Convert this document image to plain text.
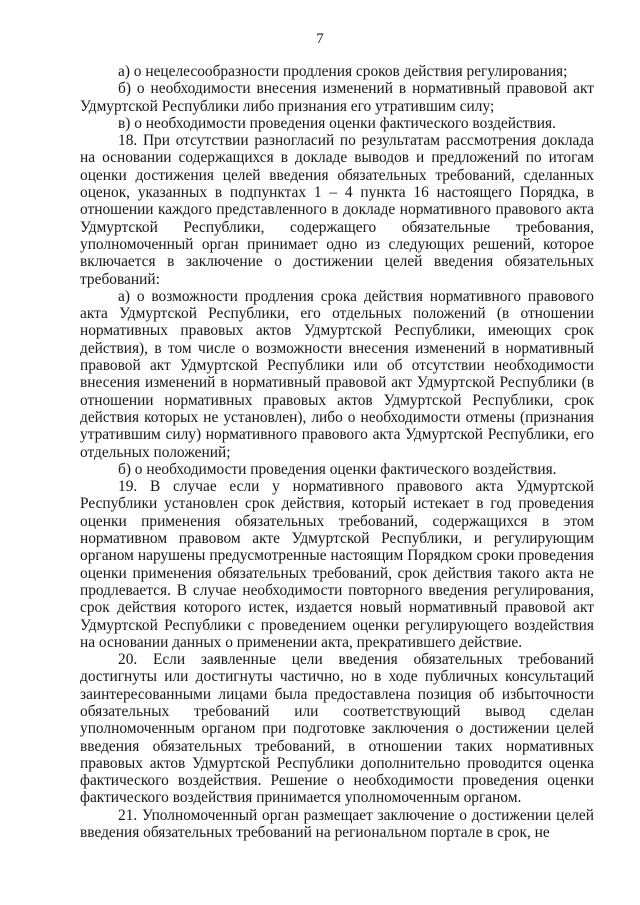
7

а) о нецелесообразности продления сроков действия регулирования;

б) о необходимости внесения изменений в нормативный правовой акт Удмуртской Республики либо признания его утратившим силу;

в) о необходимости проведения оценки фактического воздействия.

18. При отсутствии разногласий по результатам рассмотрения доклада на основании содержащихся в докладе выводов и предложений по итогам оценки достижения целей введения обязательных требований, сделанных оценок, указанных в подпунктах 1 – 4 пункта 16 настоящего Порядка, в отношении каждого представленного в докладе нормативного правового акта Удмуртской Республики, содержащего обязательные требования, уполномоченный орган принимает одно из следующих решений, которое включается в заключение о достижении целей введения обязательных требований:

а) о возможности продления срока действия нормативного правового акта Удмуртской Республики, его отдельных положений (в отношении нормативных правовых актов Удмуртской Республики, имеющих срок действия), в том числе о возможности внесения изменений в нормативный правовой акт Удмуртской Республики или об отсутствии необходимости внесения изменений в нормативный правовой акт Удмуртской Республики (в отношении нормативных правовых актов Удмуртской Республики, срок действия которых не установлен), либо о необходимости отмены (признания утратившим силу) нормативного правового акта Удмуртской Республики, его отдельных положений;

б) о необходимости проведения оценки фактического воздействия.

19. В случае если у нормативного правового акта Удмуртской Республики установлен срок действия, который истекает в год проведения оценки применения обязательных требований, содержащихся в этом нормативном правовом акте Удмуртской Республики, и регулирующим органом нарушены предусмотренные настоящим Порядком сроки проведения оценки применения обязательных требований, срок действия такого акта не продлевается. В случае необходимости повторного введения регулирования, срок действия которого истек, издается новый нормативный правовой акт Удмуртской Республики с проведением оценки регулирующего воздействия на основании данных о применении акта, прекратившего действие.

20. Если заявленные цели введения обязательных требований достигнуты или достигнуты частично, но в ходе публичных консультаций заинтересованными лицами была предоставлена позиция об избыточности обязательных требований или соответствующий вывод сделан уполномоченным органом при подготовке заключения о достижении целей введения обязательных требований, в отношении таких нормативных правовых актов Удмуртской Республики дополнительно проводится оценка фактического воздействия. Решение о необходимости проведения оценки фактического воздействия принимается уполномоченным органом.

21. Уполномоченный орган размещает заключение о достижении целей введения обязательных требований на региональном портале в срок, не
